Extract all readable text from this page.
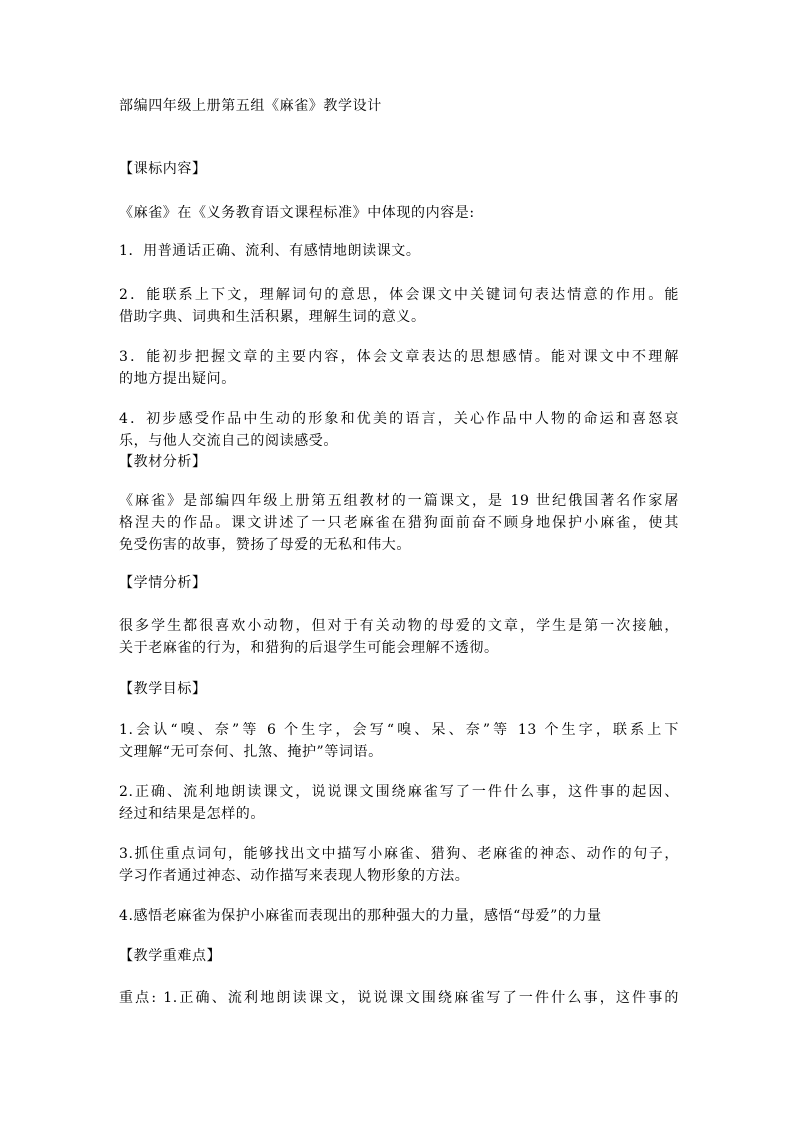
部编四年级上册第五组《麻雀》教学设计
【课标内容】
《麻雀》在《义务教育语文课程标准》中体现的内容是:
1．用普通话正确、流利、有感情地朗读课文。
2．能联系上下文，理解词句的意思，体会课文中关键词句表达情意的作用。能
借助字典、词典和生活积累，理解生词的意义。
3．能初步把握文章的主要内容，体会文章表达的思想感情。能对课文中不理解
的地方提出疑问。
4．初步感受作品中生动的形象和优美的语言，关心作品中人物的命运和喜怒哀
乐，与他人交流自己的阅读感受。
【教材分析】
《麻雀》是部编四年级上册第五组教材的一篇课文，是 19 世纪俄国著名作家屠
格涅夫的作品。课文讲述了一只老麻雀在猎狗面前奋不顾身地保护小麻雀，使其
免受伤害的故事，赞扬了母爱的无私和伟大。
【学情分析】
很多学生都很喜欢小动物，但对于有关动物的母爱的文章，学生是第一次接触，
关于老麻雀的行为，和猎狗的后退学生可能会理解不透彻。
【教学目标】
1.会认“嗅、奈”等 6 个生字，会写“嗅、呆、奈”等 13 个生字，联系上下
文理解“无可奈何、扎煞、掩护”等词语。
2.正确、流利地朗读课文，说说课文围绕麻雀写了一件什么事，这件事的起因、
经过和结果是怎样的。
3.抓住重点词句，能够找出文中描写小麻雀、猎狗、老麻雀的神态、动作的句子，
学习作者通过神态、动作描写来表现人物形象的方法。
4.感悟老麻雀为保护小麻雀而表现出的那种强大的力量，感悟“母爱”的力量
【教学重难点】
重点: 1.正确、流利地朗读课文，说说课文围绕麻雀写了一件什么事，这件事的
